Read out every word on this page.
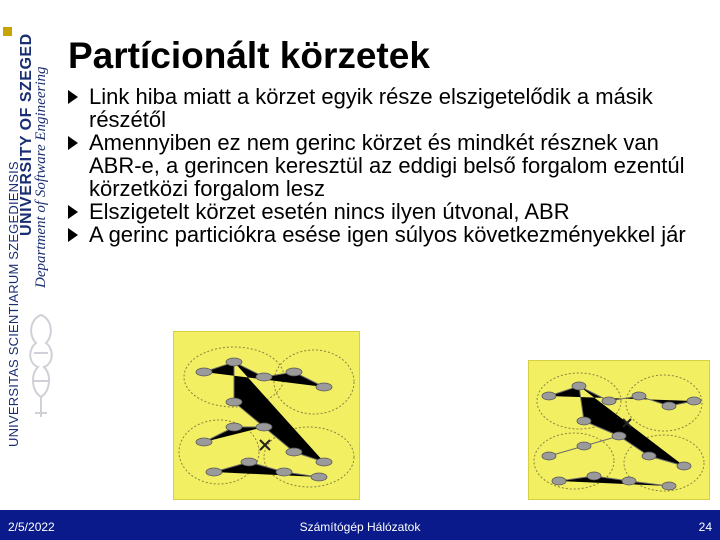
UNIVERSITAS SCIENTIARUM SZEGEDIENSIS
UNIVERSITY OF SZEGED
Department of Software Engineering
Partícionált körzetek
Link hiba miatt a körzet egyik része elszigetelődik a másik részétől
Amennyiben ez nem gerinc körzet és mindkét résznek van ABR-e, a gerincen keresztül az eddigi belső forgalom ezentúl körzetközi forgalom lesz
Elszigetelt körzet esetén nincs ilyen útvonal, ABR
A gerinc particiókra esése igen súlyos következményekkel jár
2/5/2022	Számítógép Hálózatok	24
